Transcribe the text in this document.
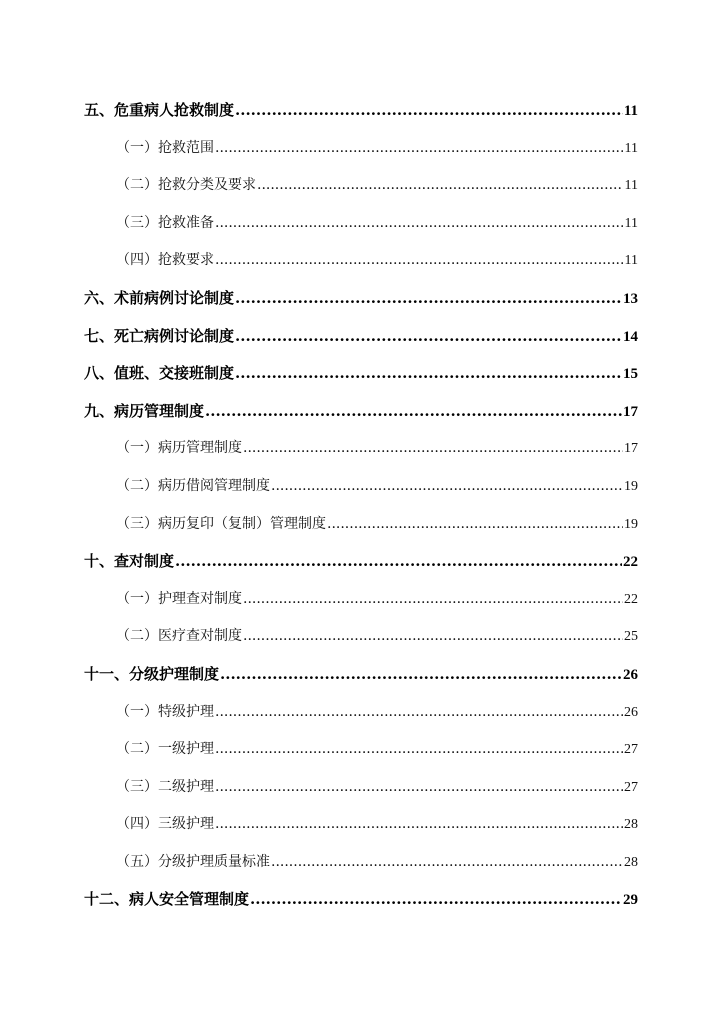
五、危重病人抢救制度 .....	11
（一）抢救范围 .....	11
（二）抢救分类及要求 .....	11
（三）抢救准备 .....	11
（四）抢救要求 .....	11
六、术前病例讨论制度 .....	13
七、死亡病例讨论制度 .....	14
八、值班、交接班制度 .....	15
九、病历管理制度 .....	17
（一）病历管理制度 .....	17
（二）病历借阅管理制度 .....	19
（三）病历复印（复制）管理制度 .....	19
十、查对制度 .....	22
（一）护理查对制度 .....	22
（二）医疗查对制度 .....	25
十一、分级护理制度 .....	26
（一）特级护理 .....	26
（二）一级护理 .....	27
（三）二级护理 .....	27
（四）三级护理 .....	28
（五）分级护理质量标准 .....	28
十二、病人安全管理制度 .....	29
